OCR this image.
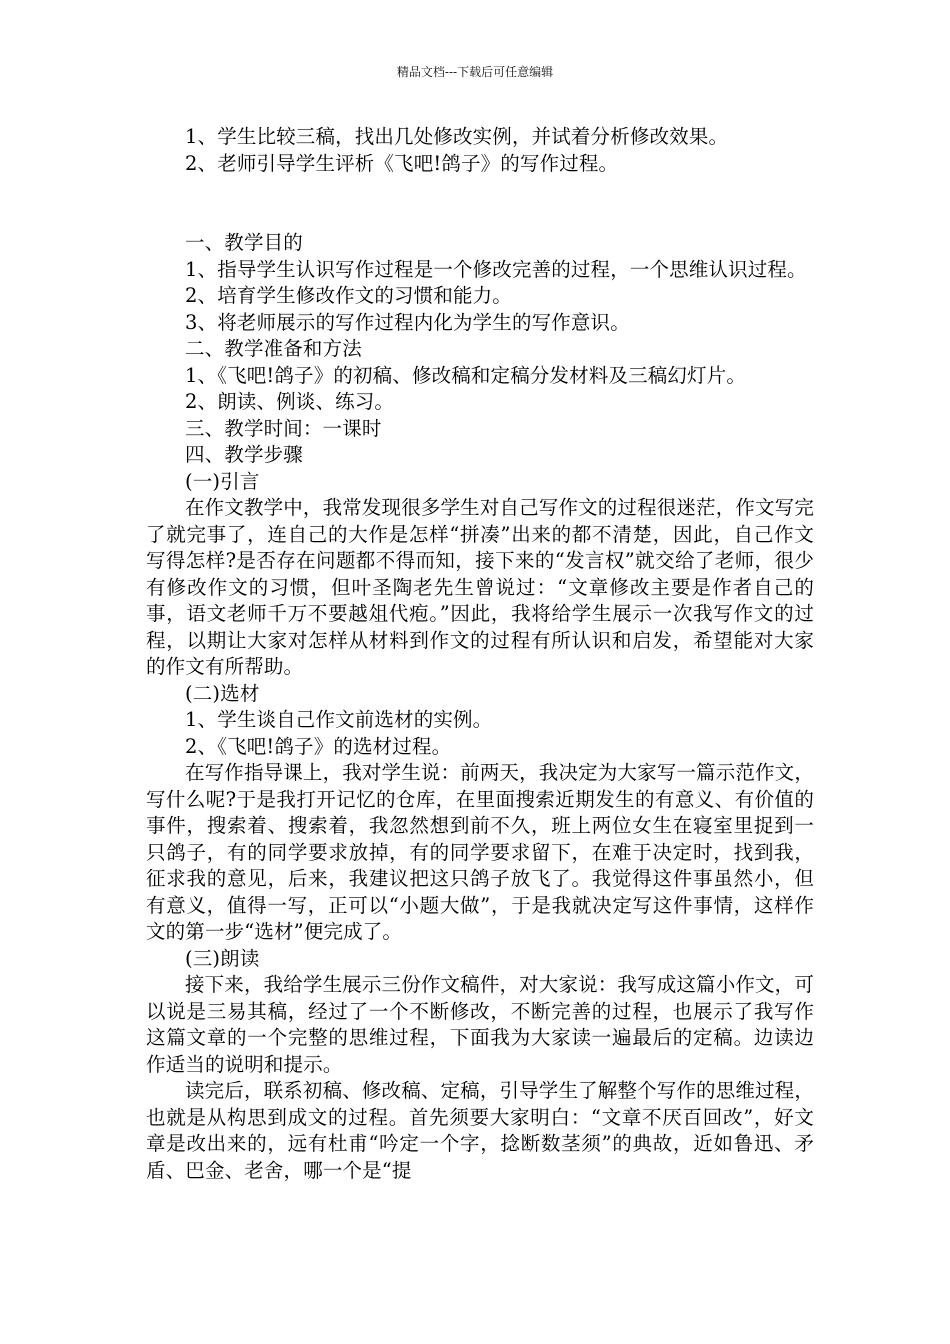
精品文档---下载后可任意编辑

1、学生比较三稿，找出几处修改实例，并试着分析修改效果。

2、老师引导学生评析《飞吧!鸽子》的写作过程。

一、教学目的

1、指导学生认识写作过程是一个修改完善的过程，一个思维认识过程。

2、培育学生修改作文的习惯和能力。

3、将老师展示的写作过程内化为学生的写作意识。

二、教学准备和方法

1、《飞吧!鸽子》的初稿、修改稿和定稿分发材料及三稿幻灯片。

2、朗读、例谈、练习。

三、教学时间：一课时

四、教学步骤

(一)引言

在作文教学中，我常发现很多学生对自己写作文的过程很迷茫，作文写完了就完事了，连自己的大作是怎样“拼凑”出来的都不清楚，因此，自己作文写得怎样?是否存在问题都不得而知，接下来的“发言权”就交给了老师，很少有修改作文的习惯，但叶圣陶老先生曾说过：“文章修改主要是作者自己的事，语文老师千万不要越俎代疱。”因此，我将给学生展示一次我写作文的过程，以期让大家对怎样从材料到作文的过程有所认识和启发，希望能对大家的作文有所帮助。

(二)选材

1、学生谈自己作文前选材的实例。

2、《飞吧!鸽子》的选材过程。

在写作指导课上，我对学生说：前两天，我决定为大家写一篇示范作文，写什么呢?于是我打开记忆的仓库，在里面搜索近期发生的有意义、有价值的事件，搜索着、搜索着，我忽然想到前不久，班上两位女生在寝室里捉到一只鸽子，有的同学要求放掉，有的同学要求留下，在难于决定时，找到我，征求我的意见，后来，我建议把这只鸽子放飞了。我觉得这件事虽然小，但有意义，值得一写，正可以“小题大做”，于是我就决定写这件事情，这样作文的第一步“选材”便完成了。

(三)朗读

接下来，我给学生展示三份作文稿件，对大家说：我写成这篇小作文，可以说是三易其稿，经过了一个不断修改，不断完善的过程，也展示了我写作这篇文章的一个完整的思维过程，下面我为大家读一遍最后的定稿。边读边作适当的说明和提示。

读完后，联系初稿、修改稿、定稿，引导学生了解整个写作的思维过程，也就是从构思到成文的过程。首先须要大家明白：“文章不厌百回改”，好文章是改出来的，远有杜甫“吟定一个字，捻断数茎须”的典故，近如鲁迅、矛盾、巴金、老舍，哪一个是“提
